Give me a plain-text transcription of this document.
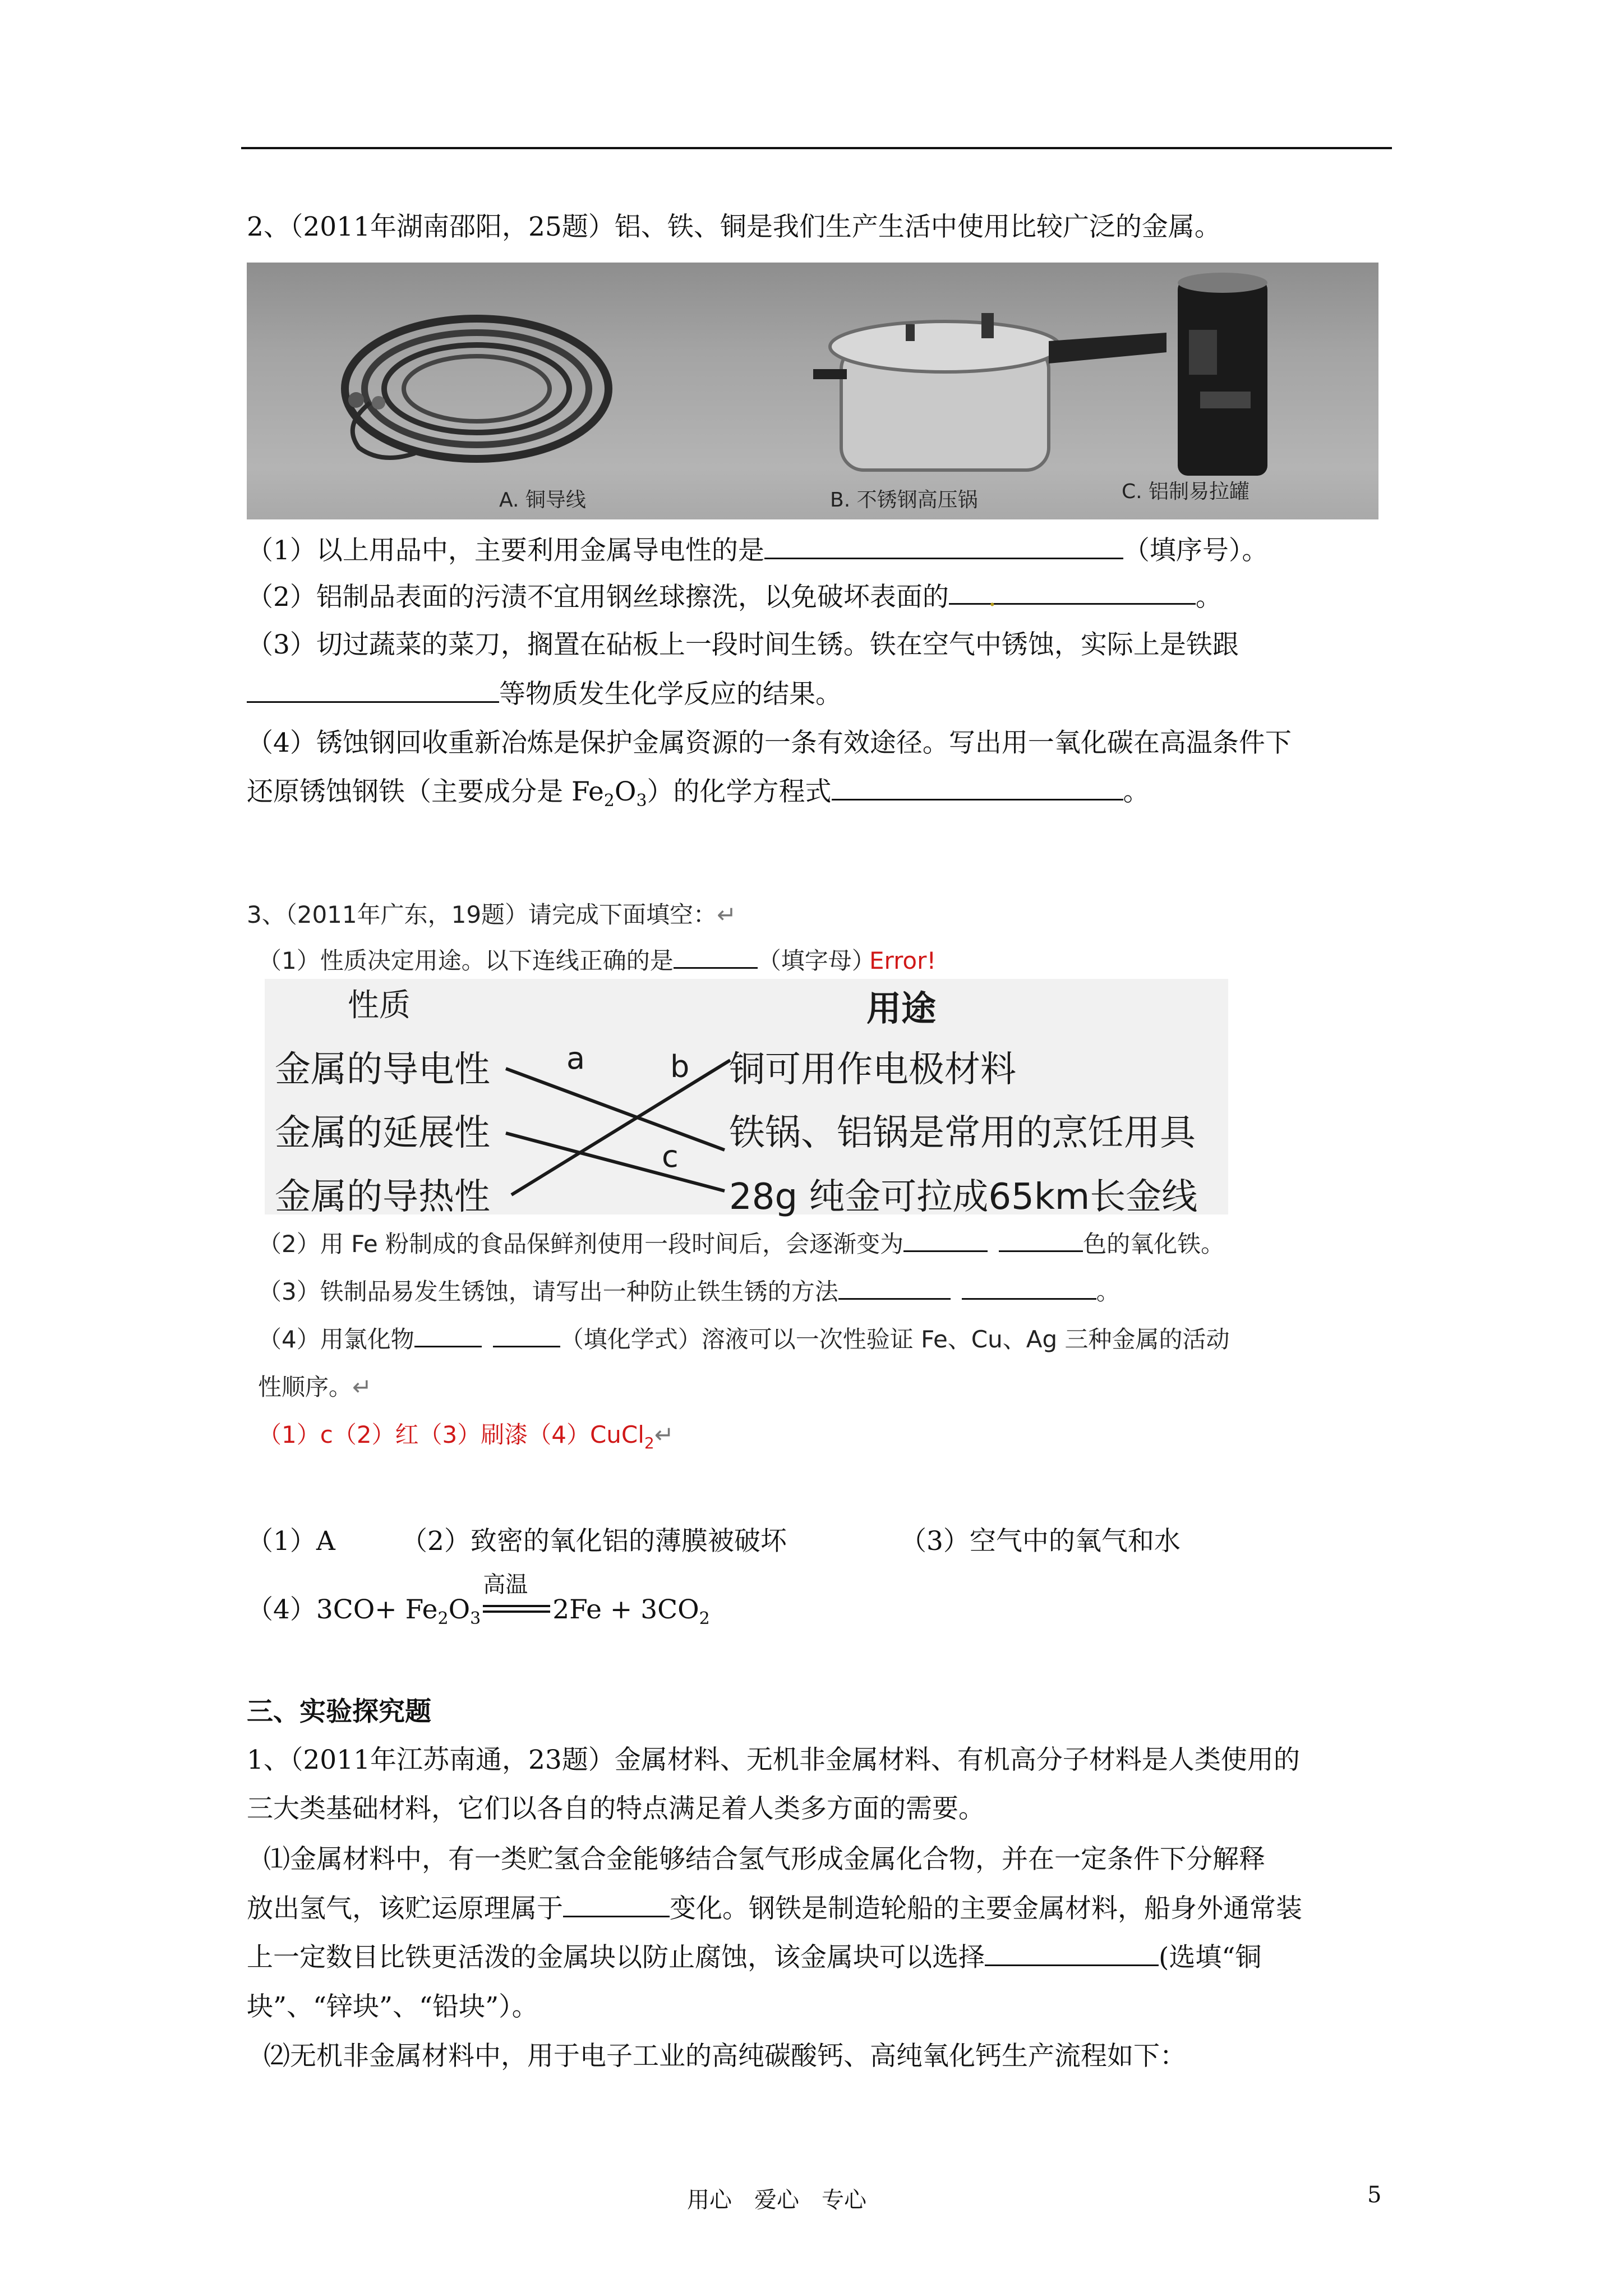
2、（2011年湖南邵阳，25题）铝、铁、铜是我们生产生活中使用比较广泛的金属。
A. 铜导线	B. 不锈钢高压锅	C. 铝制易拉罐
（1）以上用品中，主要利用金属导电性的是	（填序号）。
（2）铝制品表面的污渍不宜用钢丝球擦洗，以免破坏表面的 .	。
（3）切过蔬菜的菜刀，搁置在砧板上一段时间生锈。铁在空气中锈蚀，实际上是铁跟
等物质发生化学反应的结果。
（4）锈蚀钢回收重新冶炼是保护金属资源的一条有效途径。写出用一氧化碳在高温条件下
还原锈蚀钢铁（主要成分是 $Fe_2O_3$）的化学方程式	。
3、（2011年广东，19题）请完成下面填空：↵
（1）性质决定用途。以下连线正确的是	（填字母）
Error!
性质	用途
金属的导电性
金属的延展性
金属的导热性
铜可用作电极材料
铁锅、铝锅是常用的烹饪用具
28g 纯金可拉成65km长金线
a	b
c
（2）用 Fe 粉制成的食品保鲜剂使用一段时间后，会逐渐变为	色的氧化铁。
（3）铁制品易发生锈蚀，请写出一种防止铁生锈的方法	。
（4）用氯化物	（填化学式）溶液可以一次性验证 Fe、Cu、Ag 三种金属的活动
性顺序。↵
（1）c（2）红（3）刷漆（4）CuCl$_2$↵
（1）A （2）致密的氧化铝的薄膜被破坏	（3）空气中的氧气和水
$(4)3CO+ Fe_2O_3$
高温
$2Fe + 3CO_2$
三、实验探究题
1、（2011年江苏南通，23题）金属材料、无机非金属材料、有机高分子材料是人类使用的
三大类基础材料，它们以各自的特点满足着人类多方面的需要。
⑴金属材料中，有一类贮氢合金能够结合氢气形成金属化合物，并在一定条件下分解释
放出氢气，该贮运原理属于	变化。钢铁是制造轮船的主要金属材料，船身外通常装
上一定数目比铁更活泼的金属块以防止腐蚀，该金属块可以选择	(选填“铜
块”、“锌块”、“铅块”）。
⑵无机非金属材料中，用于电子工业的高纯碳酸钙、高纯氧化钙生产流程如下：
用心　爱心　专心	5
